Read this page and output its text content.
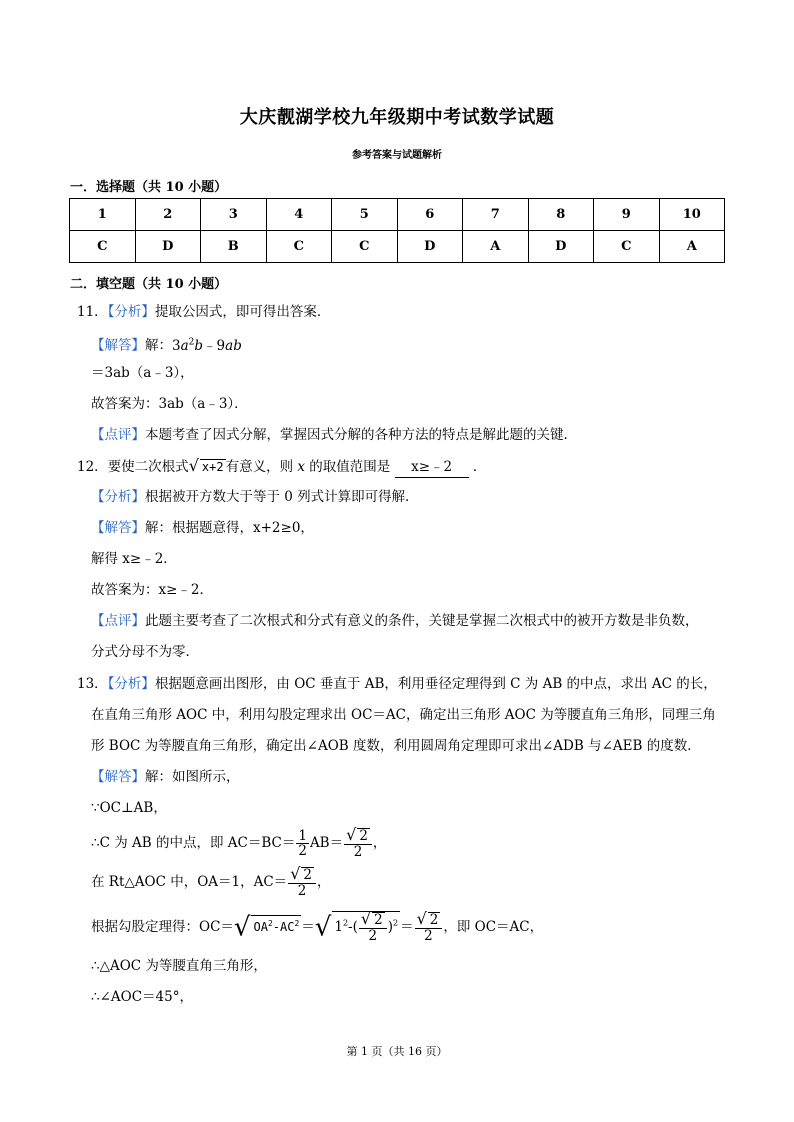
大庆靓湖学校九年级期中考试数学试题
参考答案与试题解析
一．选择题（共 10 小题）
1	2	3	4	5	6	7	8	9	10
C	D	B	C	C	D	A	D	C	A
二．填空题（共 10 小题）
11．【分析】提取公因式，即可得出答案．
【解答】解：$3a^2b﹣9ab$
＝3ab（a﹣3），
故答案为：3ab（a﹣3）．
【点评】本题考查了因式分解，掌握因式分解的各种方法的特点是解此题的关键．
12．要使二次根式√ x+2 有意义，则 x 的取值范围是 x≥﹣2 ．
【分析】根据被开方数大于等于 0 列式计算即可得解．
【解答】解：根据题意得，x+2≥0，
解得 x≥﹣2．
故答案为：x≥﹣2．
【点评】此题主要考查了二次根式和分式有意义的条件，关键是掌握二次根式中的被开方数是非负数，
分式分母不为零．
13．【分析】根据题意画出图形，由 OC 垂直于 AB，利用垂径定理得到 C 为 AB 的中点，求出 AC 的长，
在直角三角形 AOC 中，利用勾股定理求出 OC＝AC，确定出三角形 AOC 为等腰直角三角形，同理三角
形 BOC 为等腰直角三角形，确定出∠AOB 度数，利用圆周角定理即可求出∠ADB 与∠AEB 的度数．
【解答】解：如图所示，
∵OC⊥AB，
∴C 为 AB 的中点，即 $AC=BC= \frac{1}{2} AB= \frac{√ 2}{2}$ ，
在 Rt△AOC 中，OA＝1，$AC= \frac{√ 2}{2}$ ，
根据勾股定理得：OC＝√ $OA^2-AC^2$ ＝√ $1^2-( \frac{√ 2}{2} )^2 = \frac{√ 2}{2}$ ，即 OC＝AC，
∴△AOC 为等腰直角三角形，
∴∠AOC＝45°，
第 1 页（共 16 页）
